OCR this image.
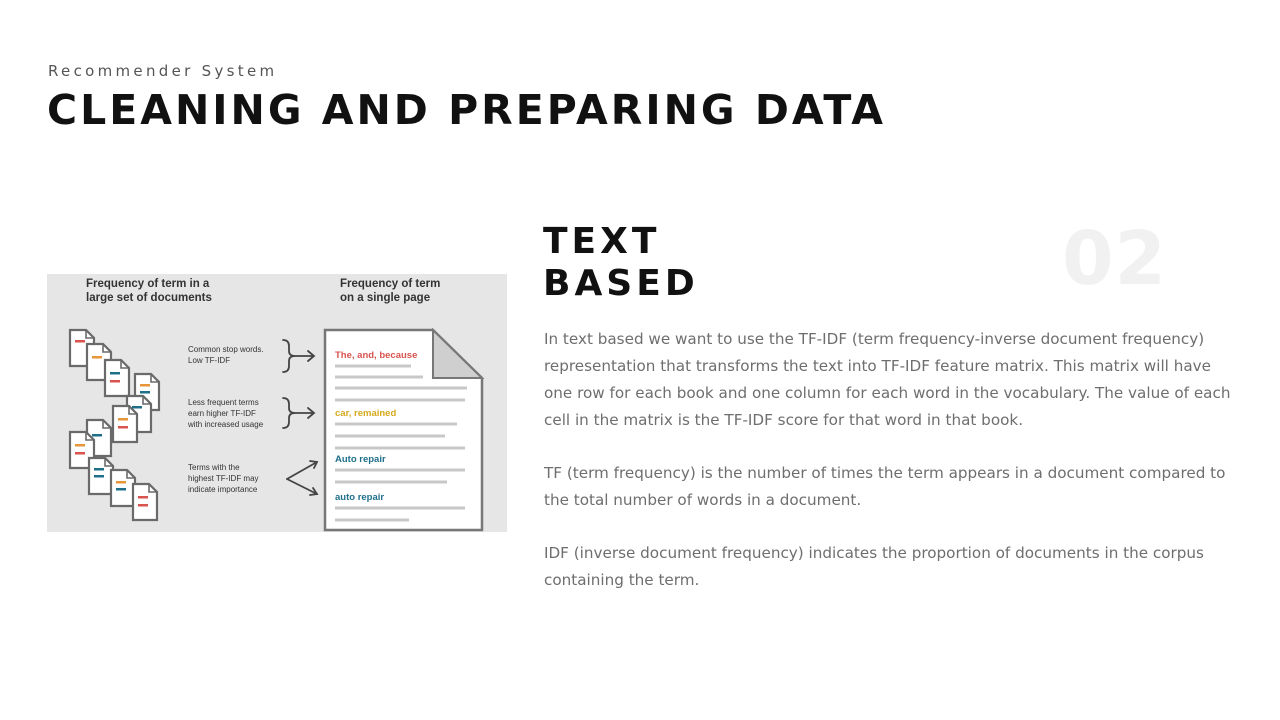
Recommender System
CLEANING AND PREPARING DATA
Frequency of term in a
large set of documents
Frequency of term
on a single page
Common stop words.
Low TF-IDF
Less frequent terms
earn higher TF-IDF
with increased usage
Terms with the
highest TF-IDF may
indicate importance
The, and, because
car, remained
Auto repair
auto repair
TEXT
BASED	02

In text based we want to use the TF-IDF (term frequency-inverse document frequency) representation that transforms the text into TF-IDF feature matrix. This matrix will have one row for each book and one column for each word in the vocabulary. The value of each cell in the matrix is the TF-IDF score for that word in that book.

TF (term frequency) is the number of times the term appears in a document compared to the total number of words in a document.

IDF (inverse document frequency) indicates the proportion of documents in the corpus containing the term.
